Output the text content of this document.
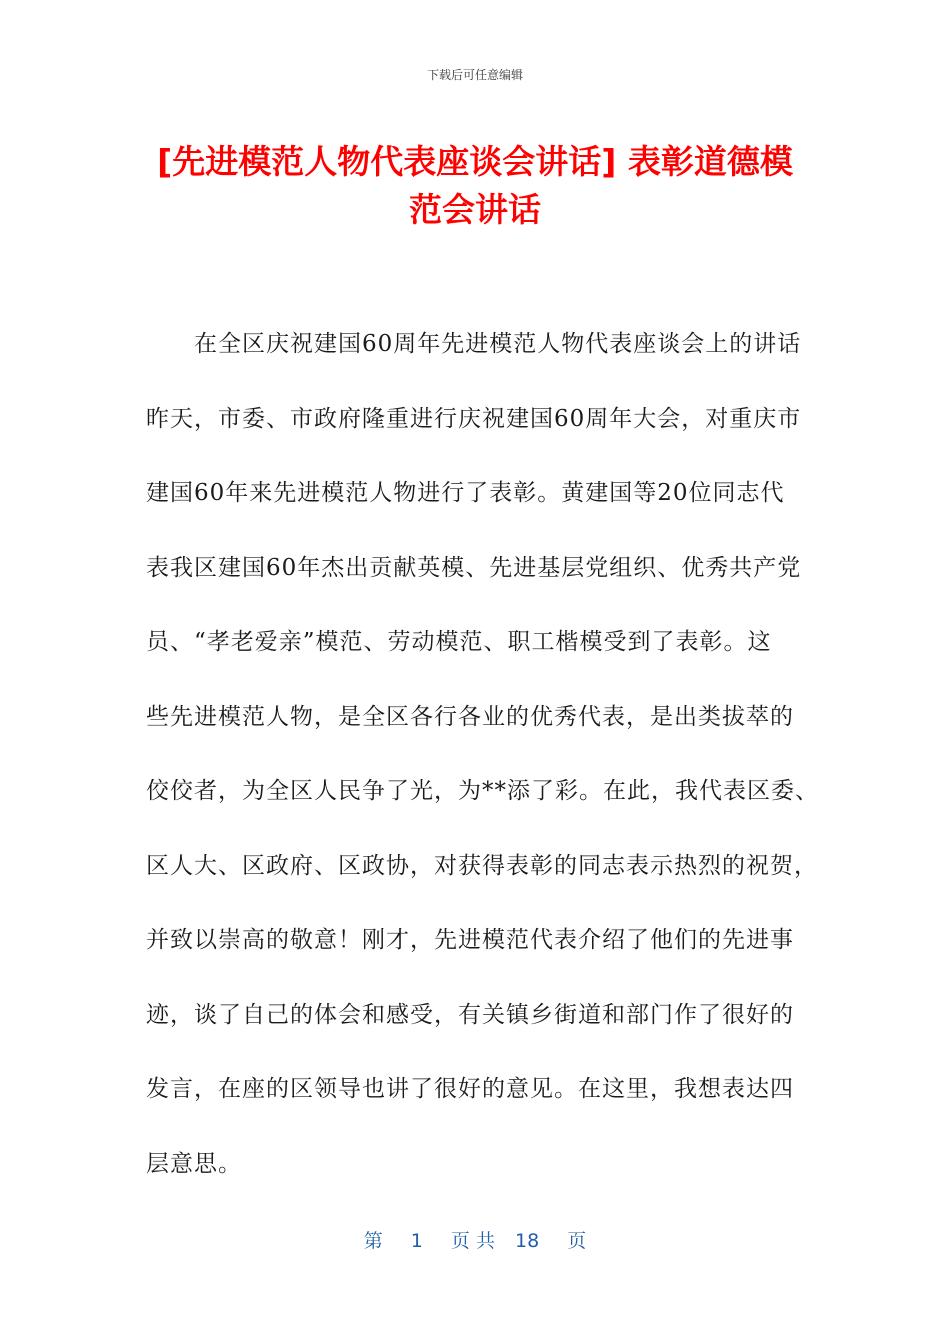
下载后可任意编辑
[先进模范人物代表座谈会讲话] 表彰道德模
范会讲话
　　在全区庆祝建国60周年先进模范人物代表座谈会上的讲话
昨天，市委、市政府隆重进行庆祝建国60周年大会，对重庆市
建国60年来先进模范人物进行了表彰。黄建国等20位同志代
表我区建国60年杰出贡献英模、先进基层党组织、优秀共产党
员、“孝老爱亲”模范、劳动模范、职工楷模受到了表彰。这
些先进模范人物，是全区各行各业的优秀代表，是出类拔萃的
佼佼者，为全区人民争了光，为**添了彩。在此，我代表区委、
区人大、区政府、区政协，对获得表彰的同志表示热烈的祝贺，
并致以崇高的敬意！刚才，先进模范代表介绍了他们的先进事
迹，谈了自己的体会和感受，有关镇乡街道和部门作了很好的
发言，在座的区领导也讲了很好的意见。在这里，我想表达四
层意思。
第 1 页 共 18 页
